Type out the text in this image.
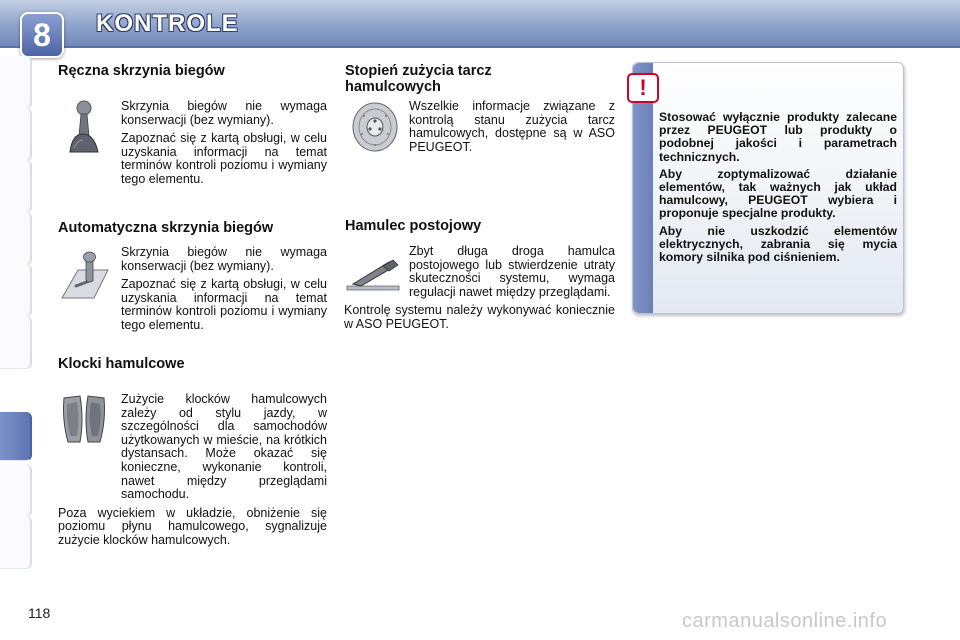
8	KONTROLE
Ręczna skrzynia biegów

Skrzynia biegów nie wymaga konserwacji (bez wymiany).

Zapoznać się z kartą obsługi, w celu uzyskania informacji na temat terminów kontroli poziomu i wymiany tego elementu.

Automatyczna skrzynia biegów

Skrzynia biegów nie wymaga konserwacji (bez wymiany).

Zapoznać się z kartą obsługi, w celu uzyskania informacji na temat terminów kontroli poziomu i wymiany tego elementu.

Klocki hamulcowe

Zużycie klocków hamulcowych zależy od stylu jazdy, w szczególności dla samochodów użytkowanych w mieście, na krótkich dystansach. Może okazać się konieczne, wykonanie kontroli, nawet między przeglądami samochodu.

Poza wyciekiem w układzie, obniżenie się poziomu płynu hamulcowego, sygnalizuje zużycie klocków hamulcowych.

Stopień zużycia tarcz hamulcowych

Wszelkie informacje związane z kontrolą stanu zużycia tarcz hamulcowych, dostępne są w ASO PEUGEOT.

Hamulec postojowy

Zbyt długa droga hamulca postojowego lub stwierdzenie utraty skuteczności systemu, wymaga regulacji nawet między przeglądami.

Kontrolę systemu należy wykonywać koniecznie w ASO PEUGEOT.

!

Stosować wyłącznie produkty zalecane przez PEUGEOT lub produkty o podobnej jakości i parametrach technicznych.

Aby zoptymalizować działanie elementów, tak ważnych jak układ hamulcowy, PEUGEOT wybiera i proponuje specjalne produkty.

Aby nie uszkodzić elementów elektrycznych, zabrania się mycia komory silnika pod ciśnieniem.

118	carmanualsonline.info
